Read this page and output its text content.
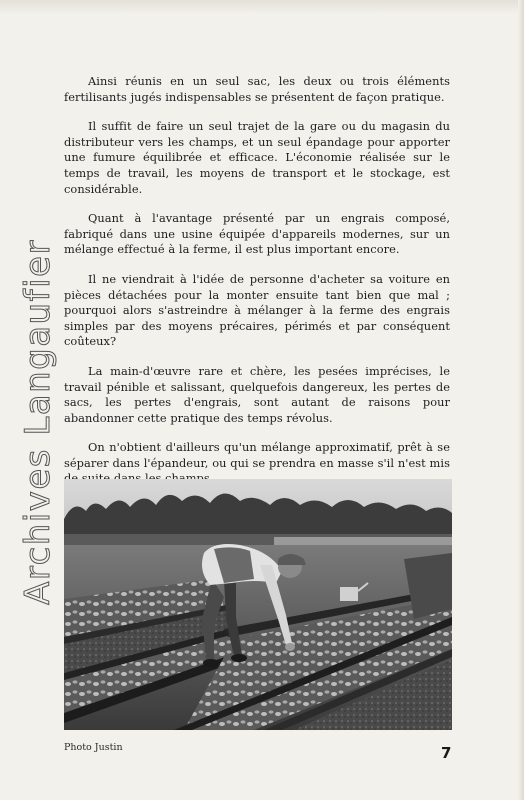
Ainsi réunis en un seul sac, les deux ou trois éléments fertilisants jugés indispensables se présentent de façon pratique.

Il suffit de faire un seul trajet de la gare ou du magasin du distributeur vers les champs, et un seul épandage pour apporter une fumure équilibrée et efficace. L'économie réalisée sur le temps de travail, les moyens de transport et le stockage, est considérable.

Quant à l'avantage présenté par un engrais composé, fabriqué dans une usine équipée d'appareils modernes, sur un mélange effectué à la ferme, il est plus important encore.

Il ne viendrait à l'idée de personne d'acheter sa voiture en pièces détachées pour la monter ensuite tant bien que mal ; pourquoi alors s'astreindre à mélanger à la ferme des engrais simples par des moyens précaires, périmés et par conséquent coûteux?

La main-d'œuvre rare et chère, les pesées imprécises, le travail pénible et salissant, quelquefois dangereux, les pertes de sacs, les pertes d'engrais, sont autant de raisons pour abandonner cette pratique des temps révolus.

On n'obtient d'ailleurs qu'un mélange approximatif, prêt à se séparer dans l'épandeur, ou qui se prendra en masse s'il n'est mis

Archives Langaufier
Photo Justin	7
